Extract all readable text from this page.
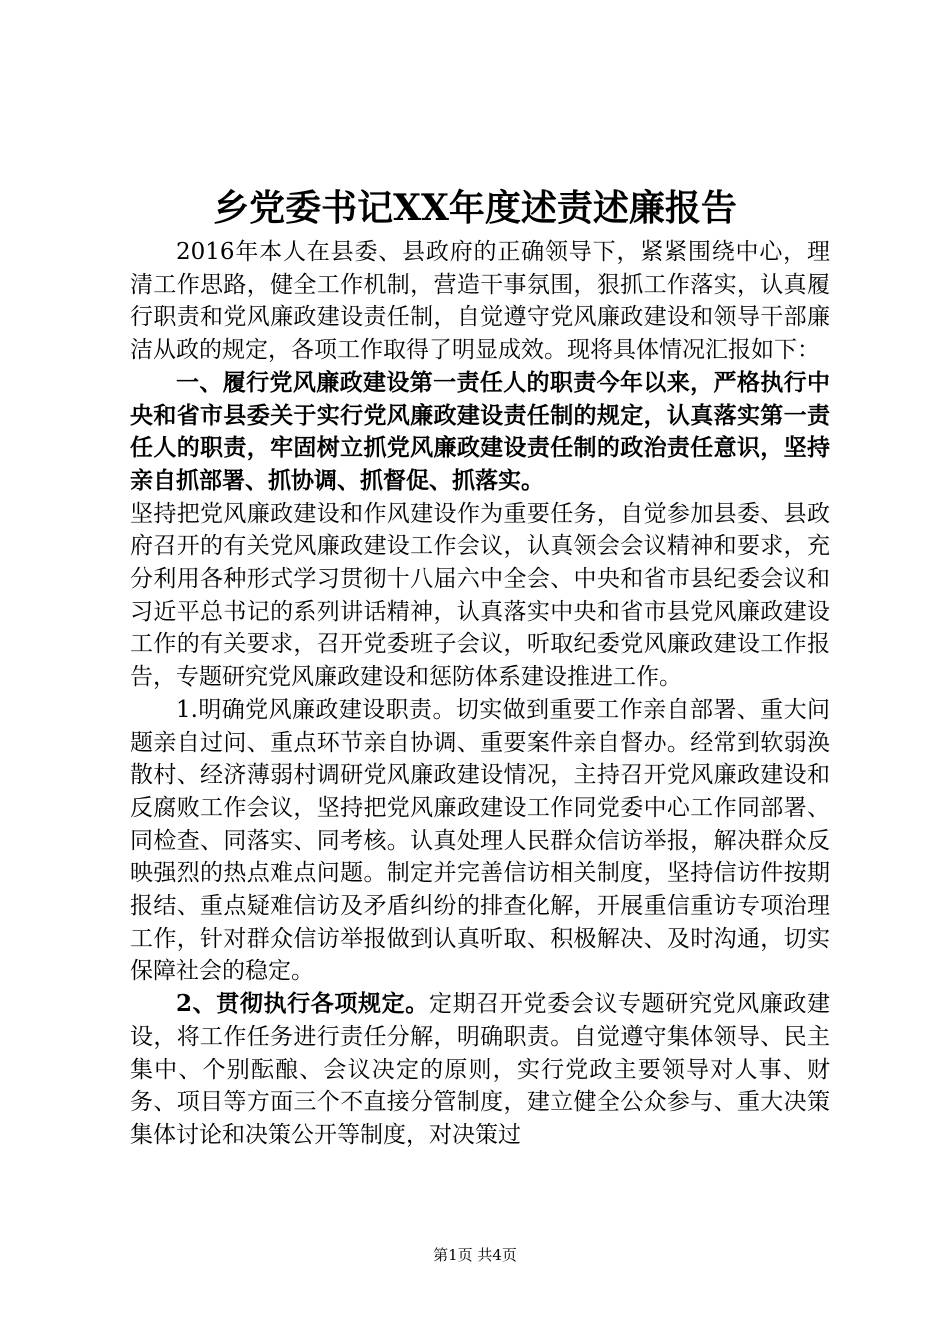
乡党委书记XX年度述责述廉报告

2016年本人在县委、县政府的正确领导下，紧紧围绕中心，理清工作思路，健全工作机制，营造干事氛围，狠抓工作落实，认真履行职责和党风廉政建设责任制，自觉遵守党风廉政建设和领导干部廉洁从政的规定，各项工作取得了明显成效。现将具体情况汇报如下：

一、履行党风廉政建设第一责任人的职责今年以来，严格执行中央和省市县委关于实行党风廉政建设责任制的规定，认真落实第一责任人的职责，牢固树立抓党风廉政建设责任制的政治责任意识，坚持亲自抓部署、抓协调、抓督促、抓落实。

坚持把党风廉政建设和作风建设作为重要任务，自觉参加县委、县政府召开的有关党风廉政建设工作会议，认真领会会议精神和要求，充分利用各种形式学习贯彻十八届六中全会、中央和省市县纪委会议和习近平总书记的系列讲话精神，认真落实中央和省市县党风廉政建设工作的有关要求，召开党委班子会议，听取纪委党风廉政建设工作报告，专题研究党风廉政建设和惩防体系建设推进工作。

1.明确党风廉政建设职责。切实做到重要工作亲自部署、重大问题亲自过问、重点环节亲自协调、重要案件亲自督办。经常到软弱涣散村、经济薄弱村调研党风廉政建设情况，主持召开党风廉政建设和反腐败工作会议，坚持把党风廉政建设工作同党委中心工作同部署、同检查、同落实、同考核。认真处理人民群众信访举报，解决群众反映强烈的热点难点问题。制定并完善信访相关制度，坚持信访件按期报结、重点疑难信访及矛盾纠纷的排查化解，开展重信重访专项治理工作，针对群众信访举报做到认真听取、积极解决、及时沟通，切实保障社会的稳定。

2、贯彻执行各项规定。定期召开党委会议专题研究党风廉政建设，将工作任务进行责任分解，明确职责。自觉遵守集体领导、民主集中、个别酝酿、会议决定的原则，实行党政主要领导对人事、财务、项目等方面三个不直接分管制度，建立健全公众参与、重大决策集体讨论和决策公开等制度，对决策过

第1页 共4页
